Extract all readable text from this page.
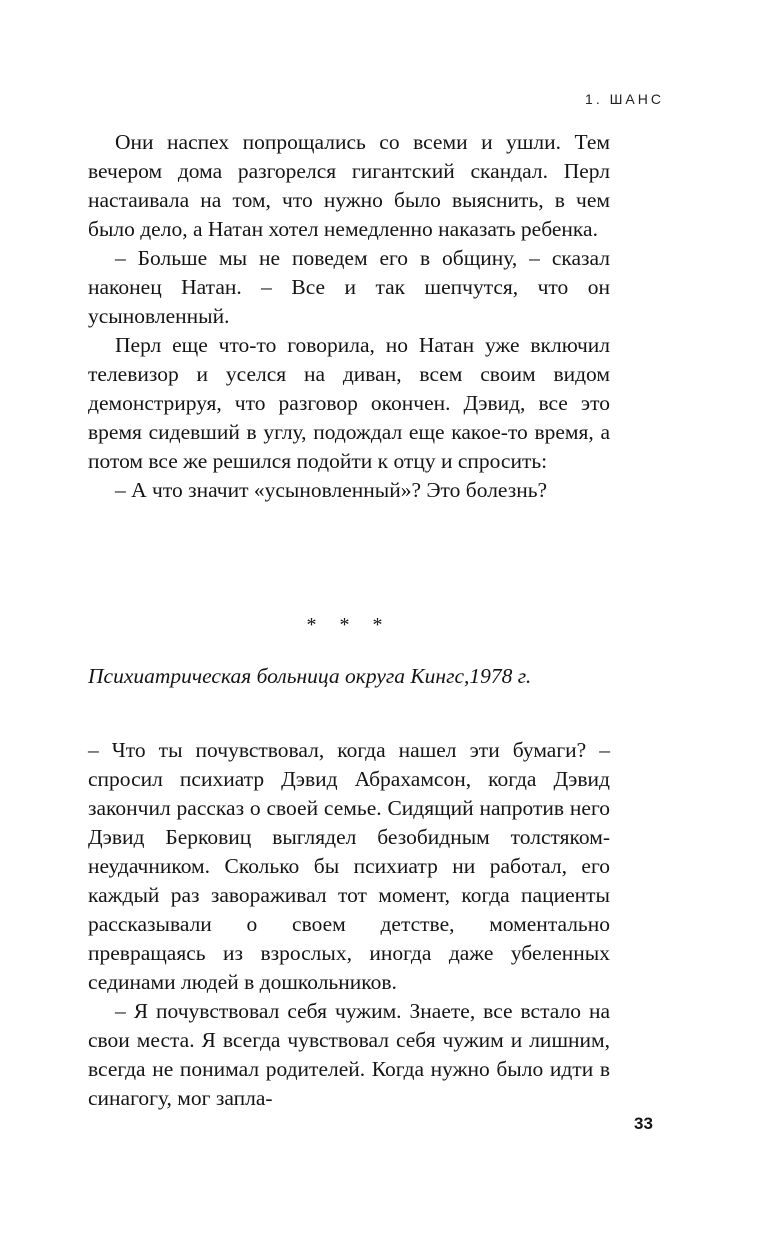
1. ШАНС

Они наспех попрощались со всеми и ушли. Тем вечером дома разгорелся гигантский скандал. Перл настаивала на том, что нужно было выяснить, в чем было дело, а Натан хотел немедленно наказать ребенка.

– Больше мы не поведем его в общину, – сказал наконец Натан. – Все и так шепчутся, что он усыновленный.

Перл еще что-то говорила, но Натан уже включил телевизор и уселся на диван, всем своим видом демонстрируя, что разговор окончен. Дэвид, все это время сидевший в углу, подождал еще какое-то время, а потом все же решился подойти к отцу и спросить:

– А что значит «усыновленный»? Это болезнь?

* * *
Психиатрическая больница округа Кингс,1978 г.

– Что ты почувствовал, когда нашел эти бумаги? – спросил психиатр Дэвид Абрахамсон, когда Дэвид закончил рассказ о своей семье. Сидящий напротив него Дэвид Берковиц выглядел безобидным толстяком-неудачником. Сколько бы психиатр ни работал, его каждый раз завораживал тот момент, когда пациенты рассказывали о своем детстве, моментально превращаясь из взрослых, иногда даже убеленных сединами людей в дошкольников.

– Я почувствовал себя чужим. Знаете, все встало на свои места. Я всегда чувствовал себя чужим и лишним, всегда не понимал родителей. Когда нужно было идти в синагогу, мог запла-

33
